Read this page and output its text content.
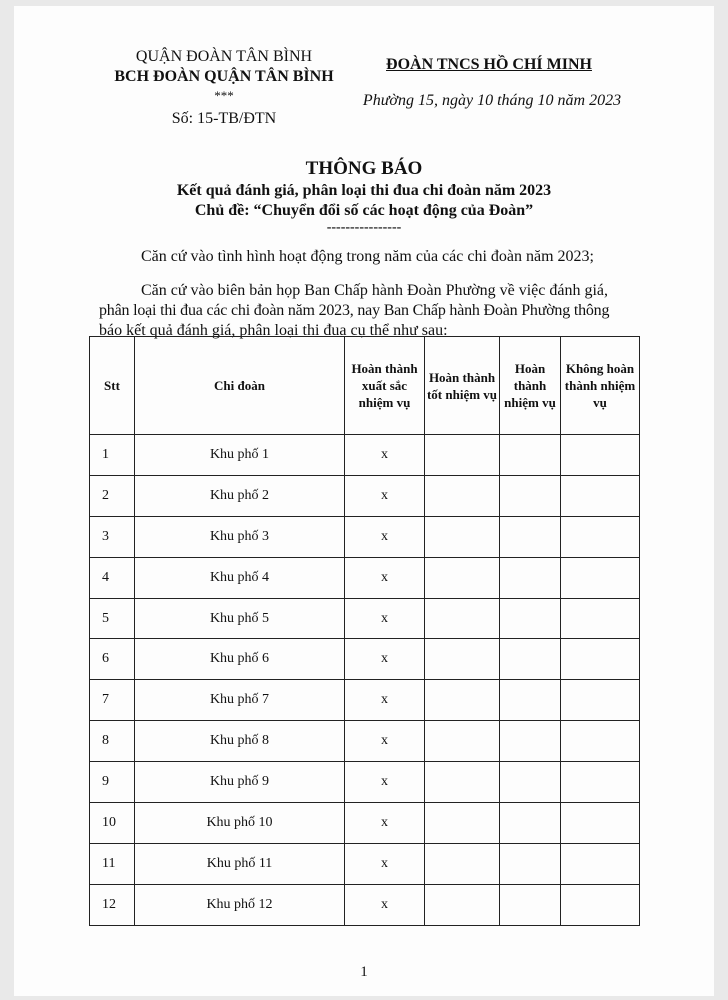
QUẬN ĐOÀN TÂN BÌNH
BCH ĐOÀN QUẬN TÂN BÌNH
***
Số: 15-TB/ĐTN
ĐOÀN TNCS HỒ CHÍ MINH
Phường 15, ngày 10 tháng 10 năm 2023
THÔNG BÁO
Kết quả đánh giá, phân loại thi đua chi đoàn năm 2023
Chủ đề: “Chuyển đổi số các hoạt động của Đoàn”
----------------
Căn cứ vào tình hình hoạt động trong năm của các chi đoàn năm 2023;
Căn cứ vào biên bản họp Ban Chấp hành Đoàn Phường về việc đánh giá,
phân loại thi đua các chi đoàn năm 2023, nay Ban Chấp hành Đoàn Phường thông
báo kết quả đánh giá, phân loại thi đua cụ thể như sau:
Stt	Chi đoàn	Hoàn thành xuất sắc nhiệm vụ	Hoàn thành tốt nhiệm vụ	Hoàn thành nhiệm vụ	Không hoàn thành nhiệm vụ
1	Khu phố 1	x			
2	Khu phố 2	x			
3	Khu phố 3	x			
4	Khu phố 4	x			
5	Khu phố 5	x			
6	Khu phố 6	x			
7	Khu phố 7	x			
8	Khu phố 8	x			
9	Khu phố 9	x			
10	Khu phố 10	x			
11	Khu phố 11	x			
12	Khu phố 12	x			
1
